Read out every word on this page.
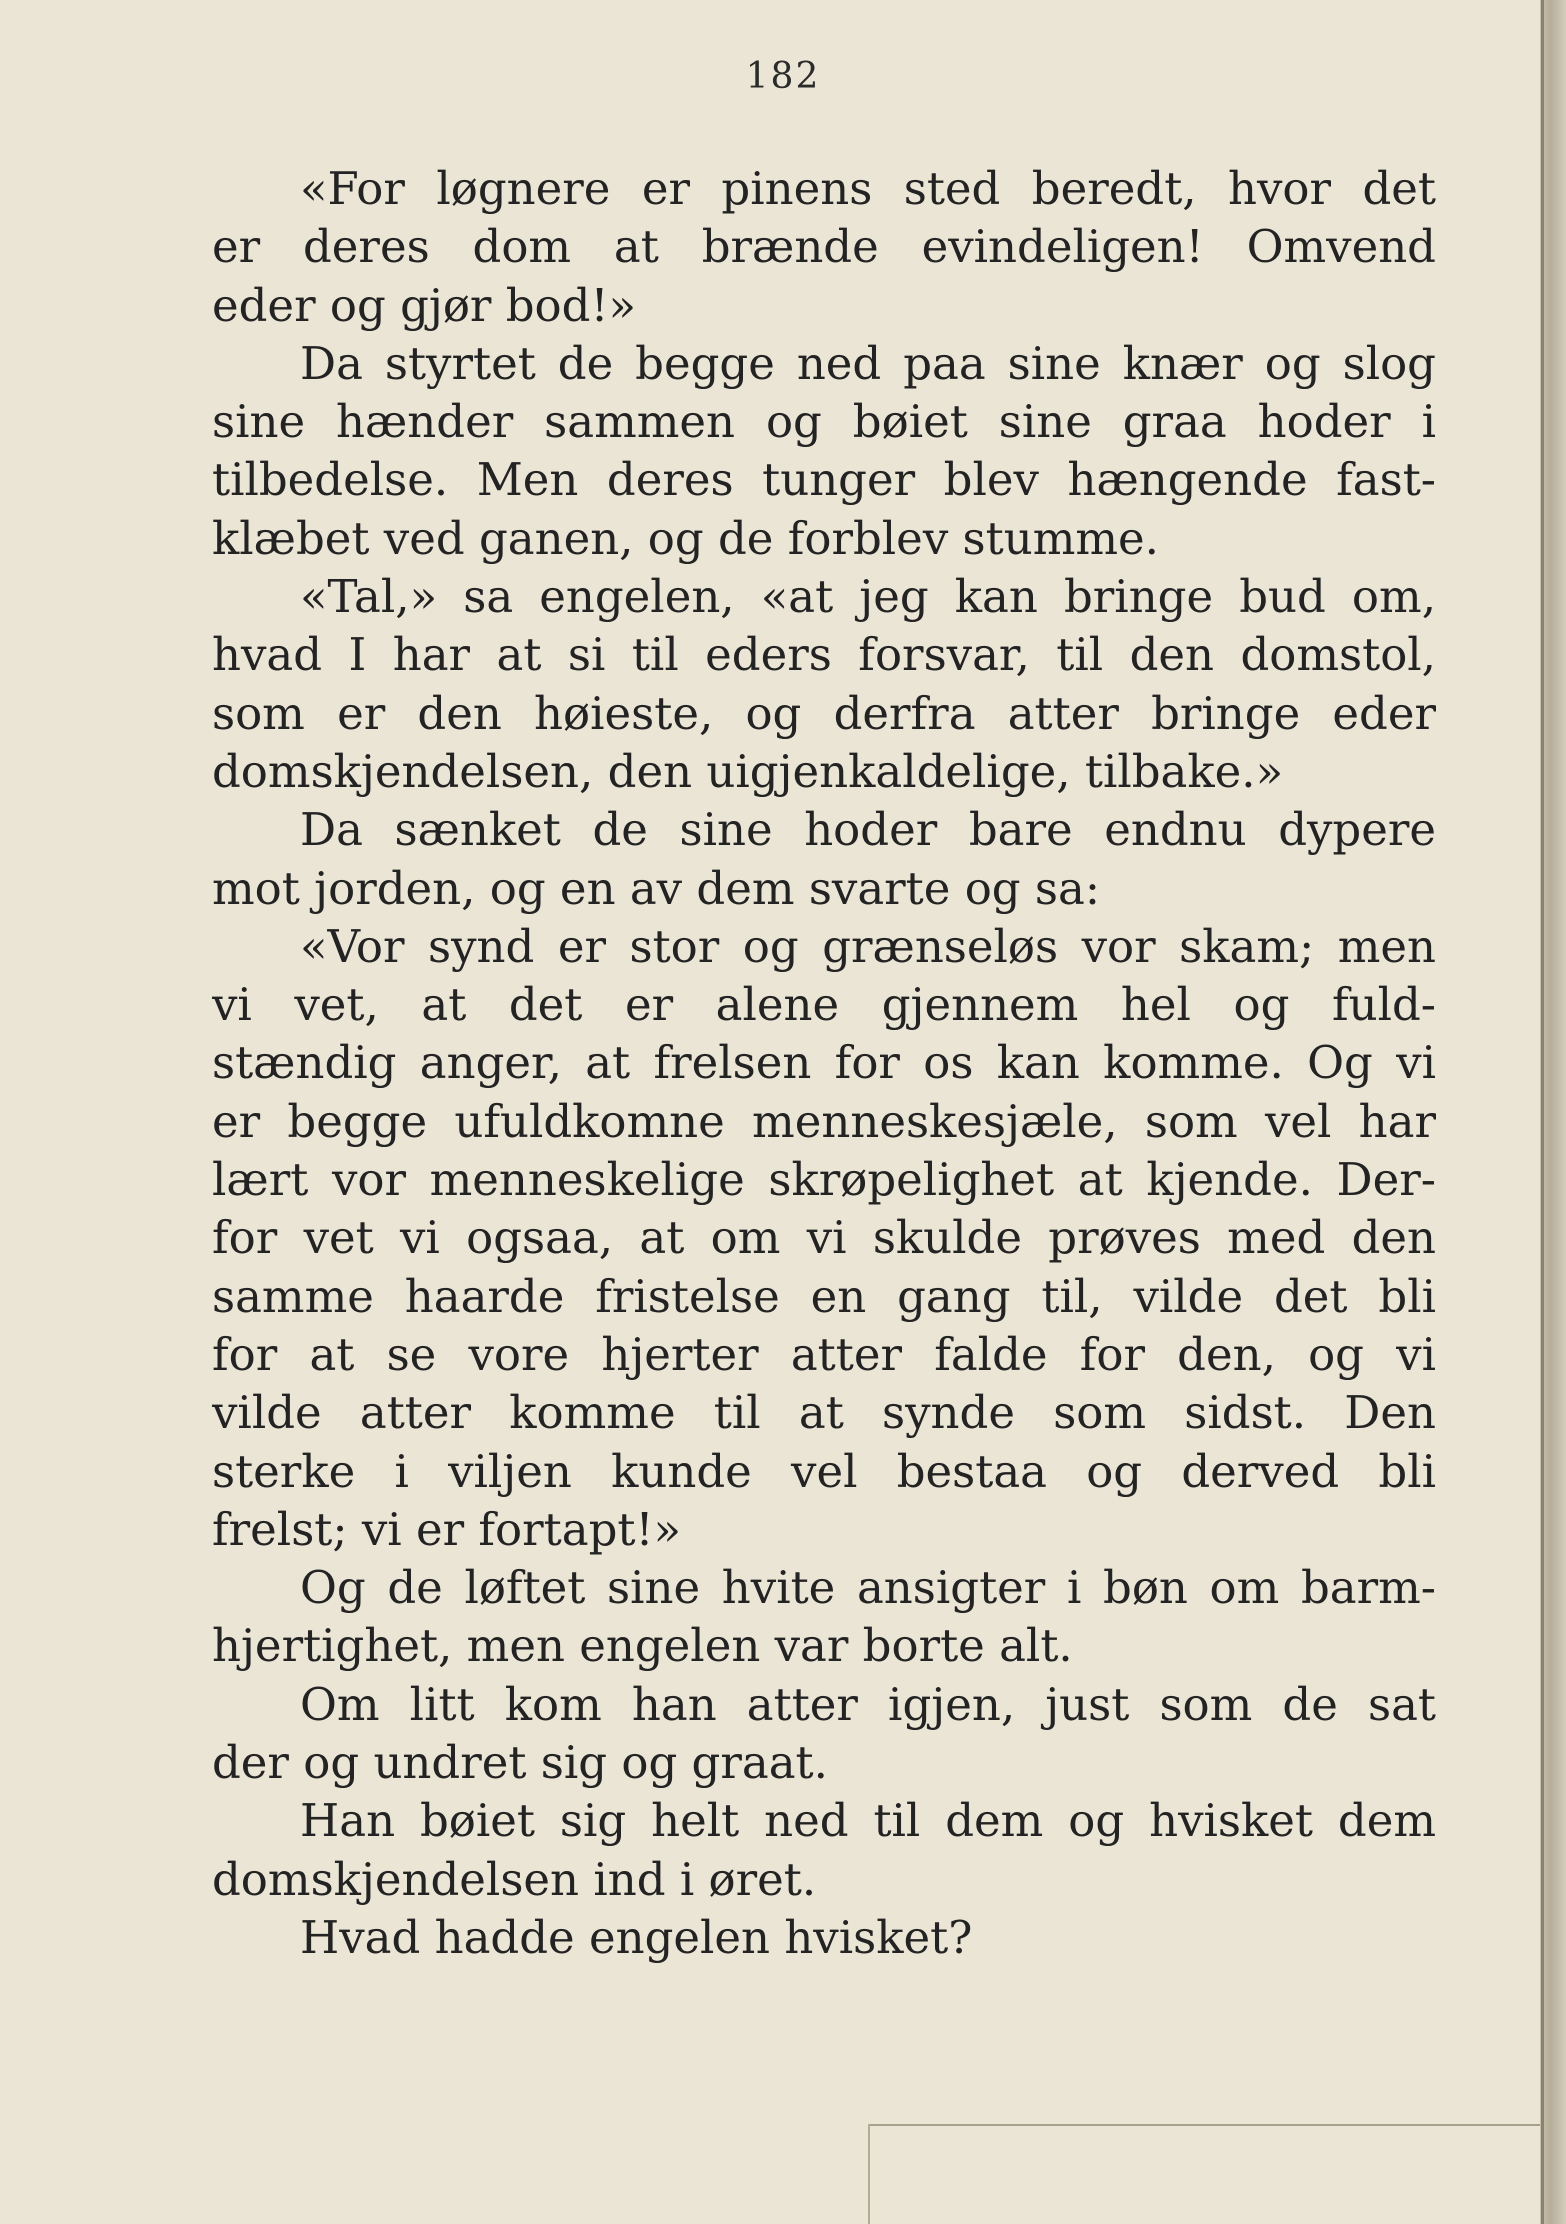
182
«For løgnere er pinens sted beredt, hvor det
er deres dom at brænde evindeligen! Omvend
eder og gjør bod!»
Da styrtet de begge ned paa sine knær og slog
sine hænder sammen og bøiet sine graa hoder i
tilbedelse. Men deres tunger blev hængende fast-
klæbet ved ganen, og de forblev stumme.
«Tal,» sa engelen, «at jeg kan bringe bud om,
hvad I har at si til eders forsvar, til den domstol,
som er den høieste, og derfra atter bringe eder
domskjendelsen, den uigjenkaldelige, tilbake.»
Da sænket de sine hoder bare endnu dypere
mot jorden, og en av dem svarte og sa:
«Vor synd er stor og grænseløs vor skam; men
vi vet, at det er alene gjennem hel og fuld-
stændig anger, at frelsen for os kan komme. Og vi
er begge ufuldkomne menneskesjæle, som vel har
lært vor menneskelige skrøpelighet at kjende. Der-
for vet vi ogsaa, at om vi skulde prøves med den
samme haarde fristelse en gang til, vilde det bli
for at se vore hjerter atter falde for den, og vi
vilde atter komme til at synde som sidst. Den
sterke i viljen kunde vel bestaa og derved bli
frelst; vi er fortapt!»
Og de løftet sine hvite ansigter i bøn om barm-
hjertighet, men engelen var borte alt.
Om litt kom han atter igjen, just som de sat
der og undret sig og graat.
Han bøiet sig helt ned til dem og hvisket dem
domskjendelsen ind i øret.
Hvad hadde engelen hvisket?
